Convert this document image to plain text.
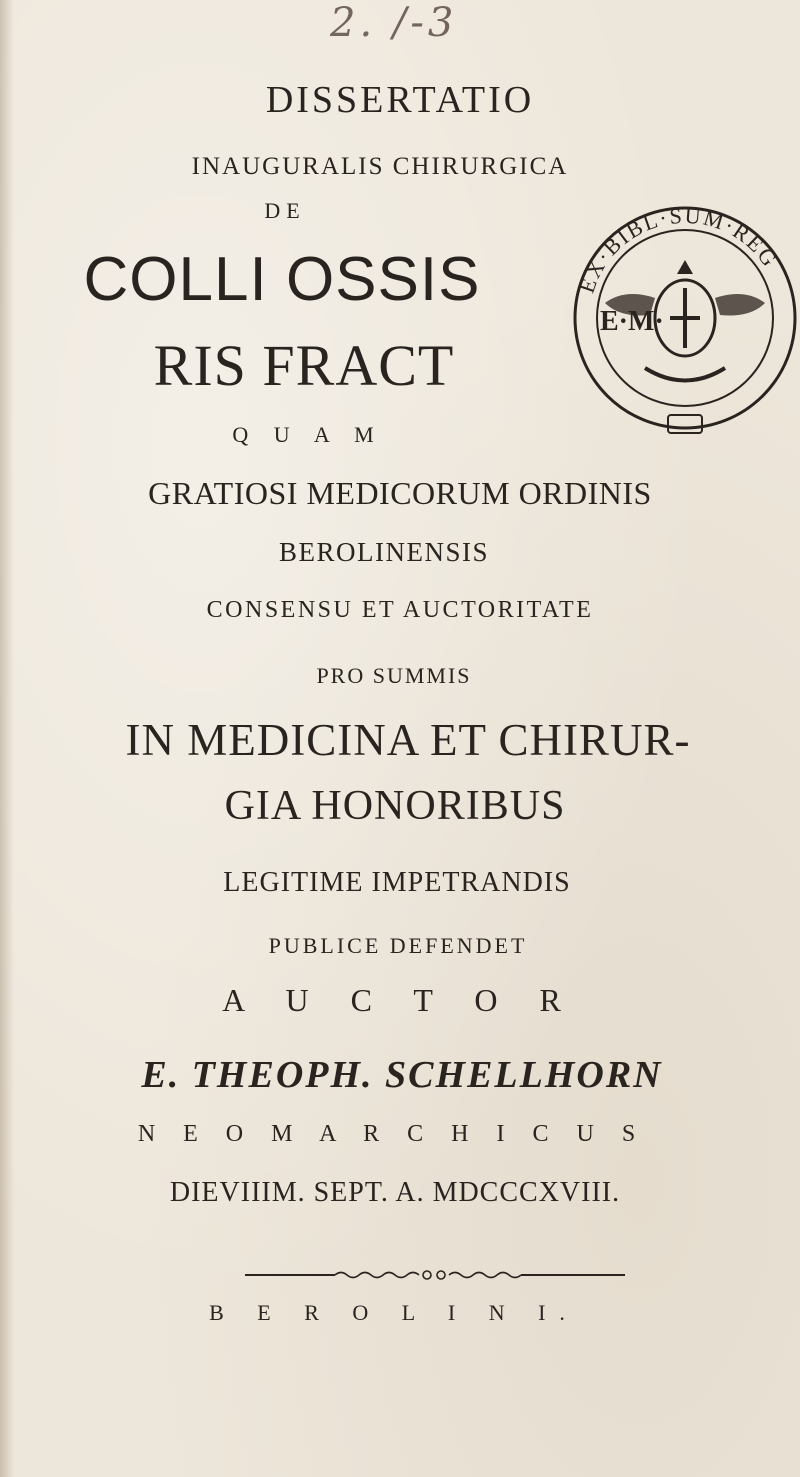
2. /-3
DISSERTATIO
INAUGURALIS CHIRURGICA
DE
COLLI OSSIS
RIS FRACT
Q U A M
GRATIOSI MEDICORUM ORDINIS
BEROLINENSIS
CONSENSU ET AUCTORITATE
PRO SUMMIS
IN MEDICINA ET CHIRUR-
GIA HONORIBUS
LEGITIME IMPETRANDIS
PUBLICE DEFENDET
A U C T O R
E. THEOPH. SCHELLHORN
N E O M A R C H I C U S
DIEVIIIM. SEPT. A. MDCCCXVIII.
B E R O L I N I.
EX·BIBL·SUM·REG
E·M·
